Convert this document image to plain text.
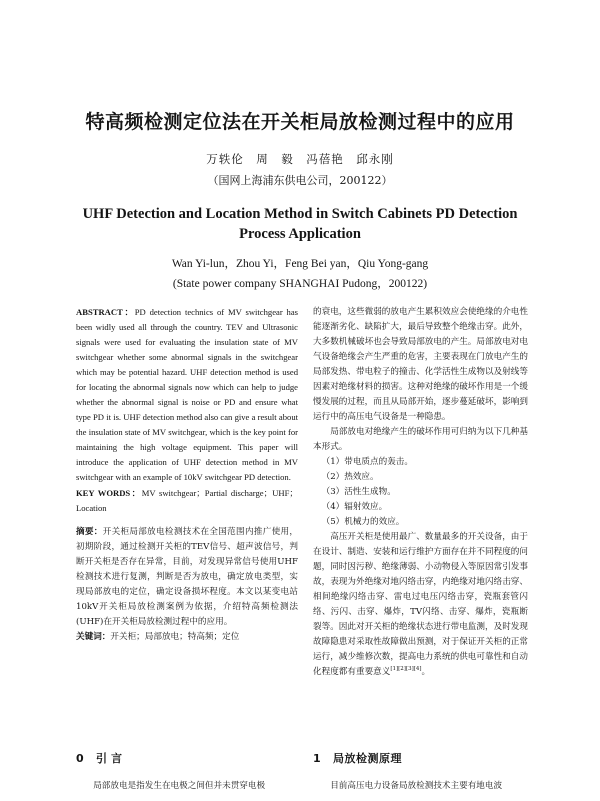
特高频检测定位法在开关柜局放检测过程中的应用
万轶伦　周　毅　冯蓓艳　邱永刚
（国网上海浦东供电公司，200122）
UHF Detection and Location Method in Switch Cabinets PD Detection Process Application
Wan Yi-lun，Zhou Yi，Feng Bei yan，Qiu Yong-gang
(State power company SHANGHAI Pudong，200122)

ABSTRACT：PD detection technics of MV switchgear has been widly used all through the country. TEV and Ultrasonic signals were used for evaluating the insulation state of MV switchgear whether some abnormal signals in the switchgear which may be potential hazard. UHF detection method is used for locating the abnormal signals now which can help to judge whether the abnormal signal is noise or PD and ensure what type PD it is. UHF detection method also can give a result about the insulation state of MV switchgear, which is the key point for maintaining the high voltage equipment. This paper will introduce the application of UHF detection method in MV switchgear with an example of 10kV switchgear PD detection.

KEY WORDS：MV switchgear；Partial discharge；UHF；Location

摘要：开关柜局部放电检测技术在全国范围内推广使用，初期阶段，通过检测开关柜的TEV信号、超声波信号，判断开关柜是否存在异常，目前，对发现异常信号使用UHF检测技术进行复测，判断是否为放电，确定放电类型，实现局部放电的定位，确定设备损坏程度。本文以某变电站10kV开关柜局放检测案例为依据，介绍特高频检测法(UHF)在开关柜局放检测过程中的应用。

关键词：开关柜；局部放电；特高频；定位

的衰电，这些微弱的放电产生累积效应会使绝缘的介电性能逐渐劣化、缺陷扩大，最后导致整个绝缘击穿。此外，大多数机械破坏也会导致局部放电的产生。局部放电对电气设备绝缘会产生严重的危害，主要表现在门放电产生的局部发热、带电粒子的撞击、化学活性生成物以及射线等因素对绝缘材料的损害。这种对绝缘的破坏作用是一个缓慢发展的过程，而且从局部开始，逐步蔓延破坏，影响到运行中的高压电气设备是一种隐患。

局部放电对绝缘产生的破坏作用可归纳为以下几种基本形式。

（1）带电质点的轰击。

（2）热效应。

（3）活性生成物。

（4）辐射效应。

（5）机械力的效应。

高压开关柜是使用最广、数量最多的开关设备，由于在设计、制造、安装和运行维护方面存在并不同程度的问题，同时因污秽、绝缘薄弱、小动物侵入等原因常引发事故，表现为外绝缘对地闪络击穿，内绝缘对地闪络击穿、相间绝缘闪络击穿、雷电过电压闪络击穿，瓷瓶套管闪络、污闪、击穿、爆炸，TV闪络、击穿、爆炸，瓷瓶断裂等。因此对开关柜的绝缘状态进行带电监测，及时发现故障隐患对采取性故障做出预测，对于保证开关柜的正常运行，减少维修次数，提高电力系统的供电可靠性和自动化程度都有重要意义[1][2][3][4]。

0 引言	1 局放检测原理
局部放电是指发生在电极之间但并未贯穿电极	目前高压电力设备局放检测技术主要有地电波
